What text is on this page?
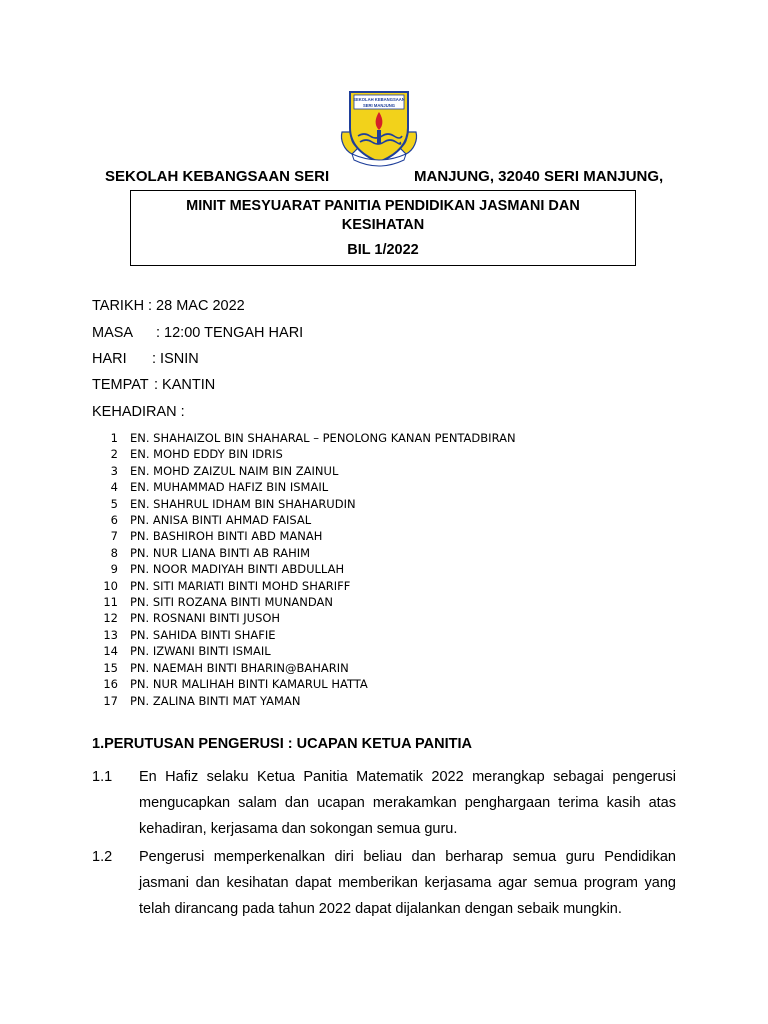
SEKOLAH KEBANGSAAN
SERI MANJUNG
SEKOLAH KEBANGSAAN SERI	MANJUNG, 32040 SERI MANJUNG,
MINIT MESYUARAT PANITIA PENDIDIKAN JASMANI DAN KESIHATAN
BIL 1/2022
TARIKH : 28 MAC 2022
MASA : 12:00 TENGAH HARI
HARI : ISNIN
TEMPAT : KANTIN
KEHADIRAN :
1	EN. SHAHAIZOL BIN SHAHARAL – PENOLONG KANAN PENTADBIRAN
2	EN. MOHD EDDY BIN IDRIS
3	EN. MOHD ZAIZUL NAIM BIN ZAINUL
4	EN. MUHAMMAD HAFIZ BIN ISMAIL
5	EN. SHAHRUL IDHAM BIN SHAHARUDIN
6	PN. ANISA BINTI AHMAD FAISAL
7	PN. BASHIROH BINTI ABD MANAH
8	PN. NUR LIANA BINTI AB RAHIM
9	PN. NOOR MADIYAH BINTI ABDULLAH
10	PN. SITI MARIATI BINTI MOHD SHARIFF
11	PN. SITI ROZANA BINTI MUNANDAN
12	PN. ROSNANI BINTI JUSOH
13	PN. SAHIDA BINTI SHAFIE
14	PN. IZWANI BINTI ISMAIL
15	PN. NAEMAH BINTI BHARIN@BAHARIN
16	PN. NUR MALIHAH BINTI KAMARUL HATTA
17	PN. ZALINA BINTI MAT YAMAN
1.PERUTUSAN PENGERUSI : UCAPAN KETUA PANITIA
1.1 En Hafiz selaku Ketua Panitia Matematik 2022 merangkap sebagai pengerusi mengucapkan salam dan ucapan merakamkan penghargaan terima kasih atas kehadiran, kerjasama dan sokongan semua guru.
1.2 Pengerusi memperkenalkan diri beliau dan berharap semua guru Pendidikan jasmani dan kesihatan dapat memberikan kerjasama agar semua program yang telah dirancang pada tahun 2022 dapat dijalankan dengan sebaik mungkin.
